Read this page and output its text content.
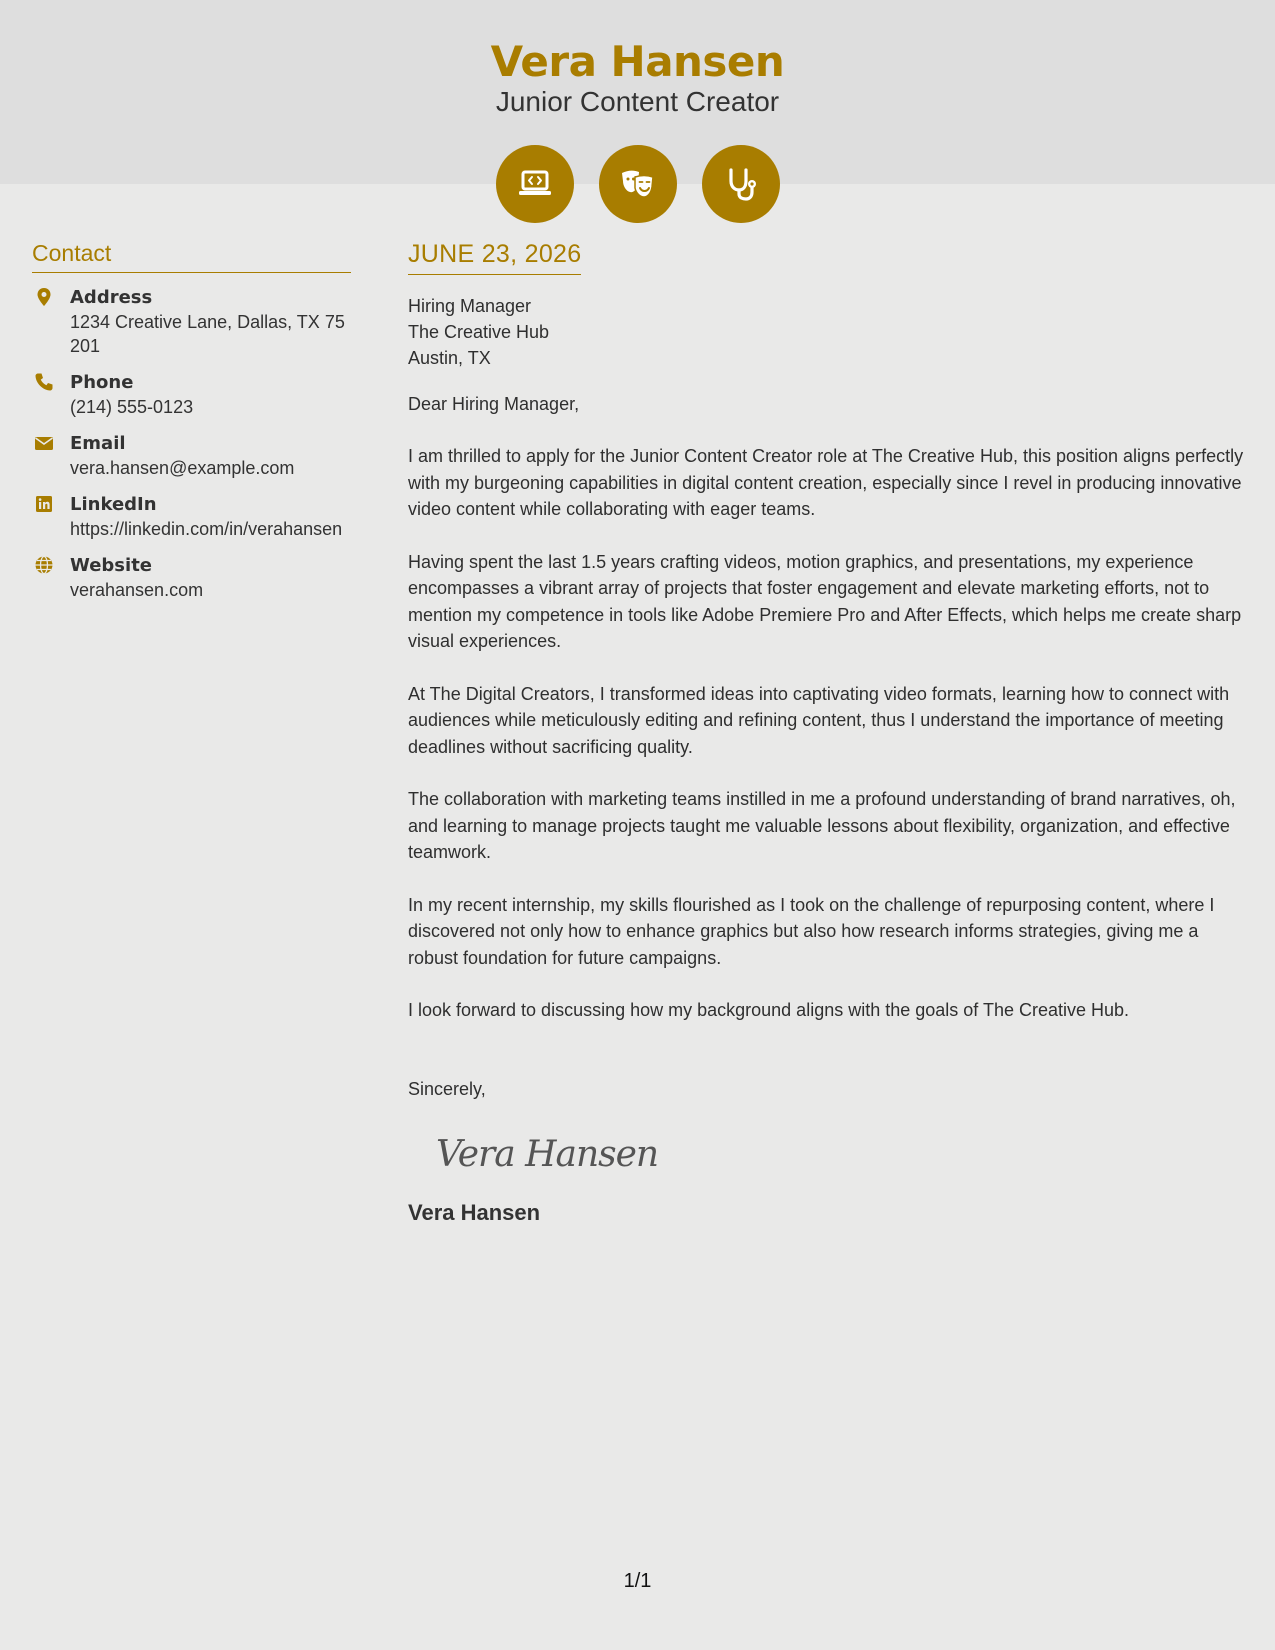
Vera Hansen
Junior Content Creator
Contact
Address
1234 Creative Lane, Dallas, TX 75201
Phone
(214) 555-0123
Email
vera.hansen@example.com
LinkedIn
https://linkedin.com/in/verahansen
Website
verahansen.com
JUNE 23, 2026
Hiring Manager
The Creative Hub
Austin, TX
Dear Hiring Manager,
I am thrilled to apply for the Junior Content Creator role at The Creative Hub, this position aligns perfectly with my burgeoning capabilities in digital content creation, especially since I revel in producing innovative video content while collaborating with eager teams.
Having spent the last 1.5 years crafting videos, motion graphics, and presentations, my experience encompasses a vibrant array of projects that foster engagement and elevate marketing efforts, not to mention my competence in tools like Adobe Premiere Pro and After Effects, which helps me create sharp visual experiences.
At The Digital Creators, I transformed ideas into captivating video formats, learning how to connect with audiences while meticulously editing and refining content, thus I understand the importance of meeting deadlines without sacrificing quality.
The collaboration with marketing teams instilled in me a profound understanding of brand narratives, oh, and learning to manage projects taught me valuable lessons about flexibility, organization, and effective teamwork.
In my recent internship, my skills flourished as I took on the challenge of repurposing content, where I discovered not only how to enhance graphics but also how research informs strategies, giving me a robust foundation for future campaigns.
I look forward to discussing how my background aligns with the goals of The Creative Hub.
Sincerely,
Vera Hansen
Vera Hansen
1/1
